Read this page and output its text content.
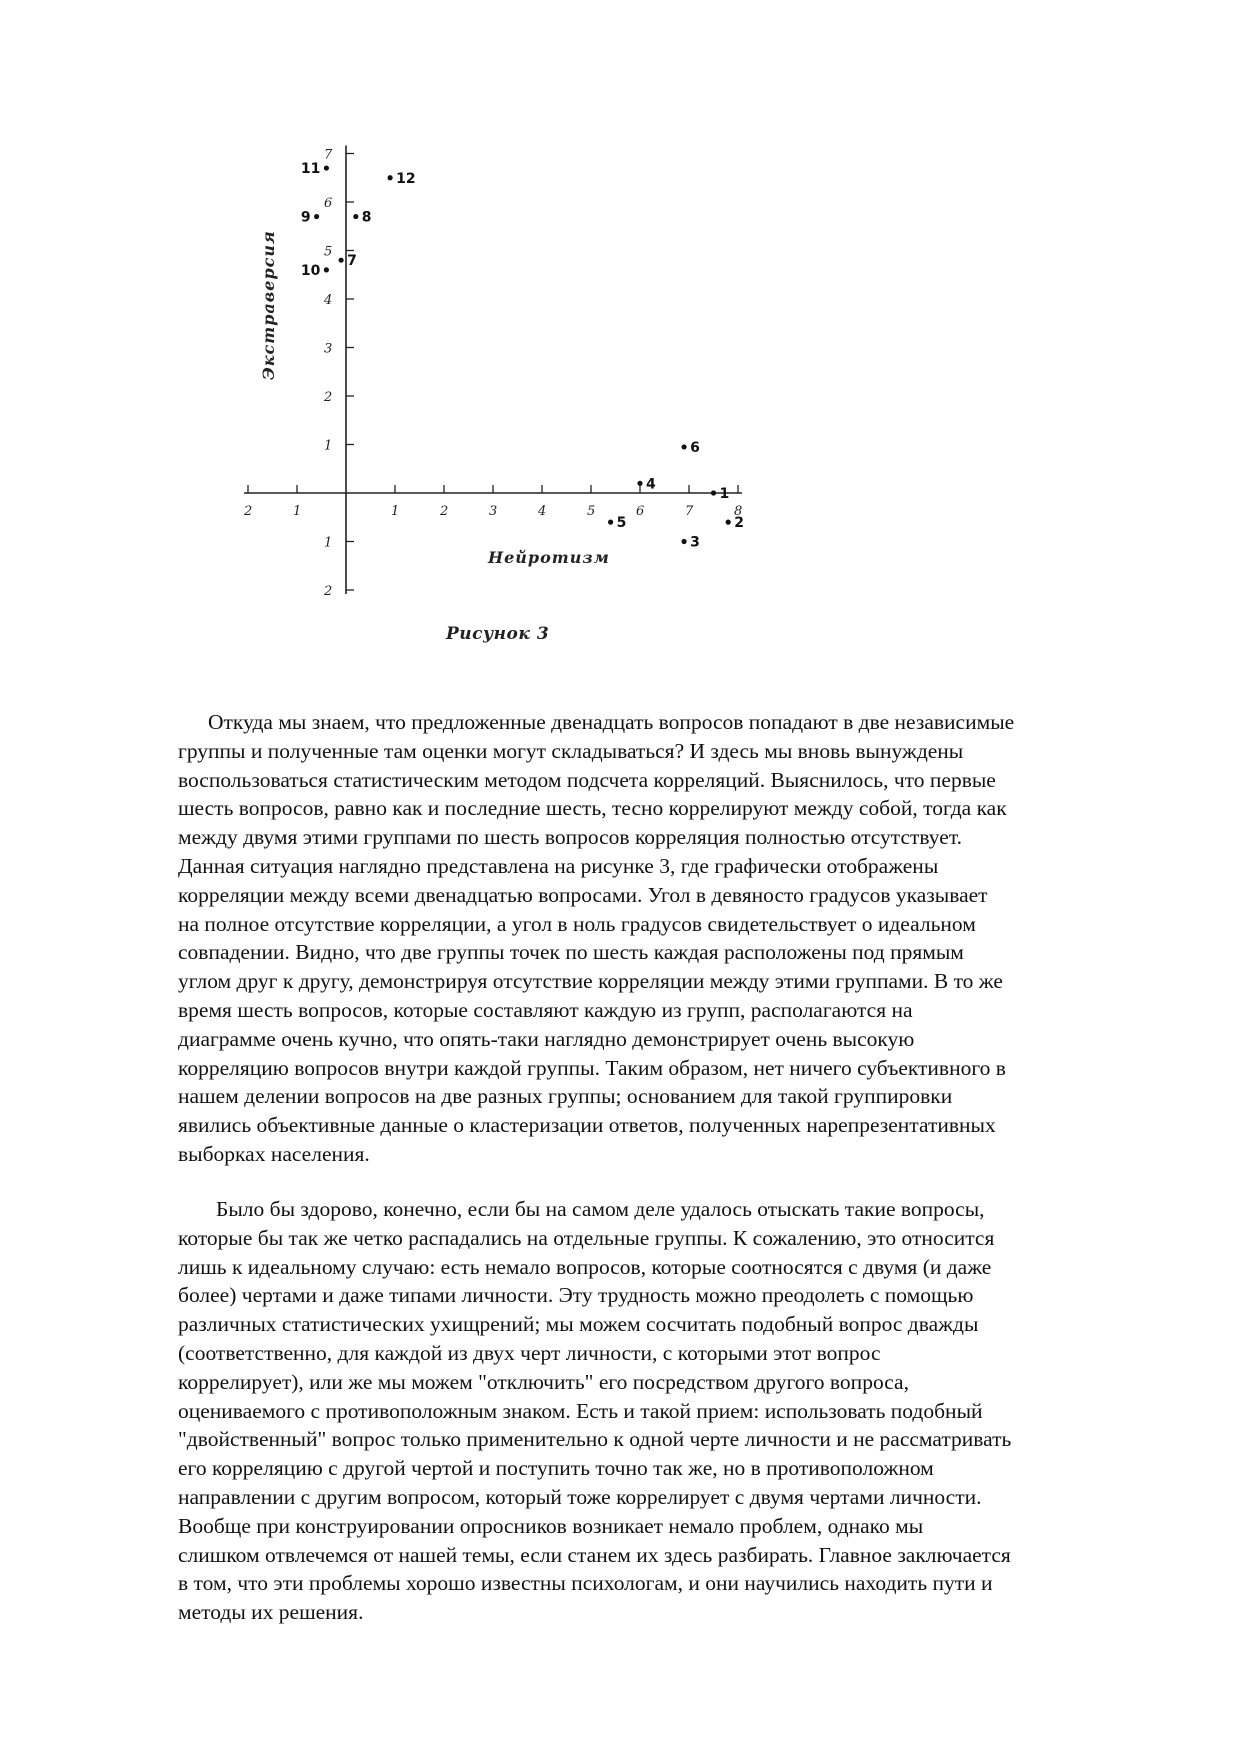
2	1	1	2	3	4	5	6	7	8
7
6
5
4
3
2
1
1
2
1
2
3
4
5
6
7
8
9
10
11
12
Нейротизм
Экстраверсия
Рисунок 3
Откуда мы знаем, что предложенные двенадцать вопросов попадают в две независимые
группы и полученные там оценки могут складываться? И здесь мы вновь вынуждены
воспользоваться статистическим методом подсчета корреляций. Выяснилось, что первые
шесть вопросов, равно как и последние шесть, тесно коррелируют между собой, тогда как
между двумя этими группами по шесть вопросов корреляция полностью отсутствует.
Данная ситуация наглядно представлена на рисунке 3, где графически отображены
корреляции между всеми двенадцатью вопросами. Угол в девяносто градусов указывает
на полное отсутствие корреляции, а угол в ноль градусов свидетельствует о идеальном
совпадении. Видно, что две группы точек по шесть каждая расположены под прямым
углом друг к другу, демонстрируя отсутствие корреляции между этими группами. В то же
время шесть вопросов, которые составляют каждую из групп, располагаются на
диаграмме очень кучно, что опять-таки наглядно демонстрирует очень высокую
корреляцию вопросов внутри каждой группы. Таким образом, нет ничего субъективного в
нашем делении вопросов на две разных группы; основанием для такой группировки
явились объективные данные о кластеризации ответов, полученных нарепрезентативных
выборках населения.
Было бы здорово, конечно, если бы на самом деле удалось отыскать такие вопросы,
которые бы так же четко распадались на отдельные группы. К сожалению, это относится
лишь к идеальному случаю: есть немало вопросов, которые соотносятся с двумя (и даже
более) чертами и даже типами личности. Эту трудность можно преодолеть с помощью
различных статистических ухищрений; мы можем сосчитать подобный вопрос дважды
(соответственно, для каждой из двух черт личности, с которыми этот вопрос
коррелирует), или же мы можем "отключить" его посредством другого вопроса,
оцениваемого с противоположным знаком. Есть и такой прием: использовать подобный
"двойственный" вопрос только применительно к одной черте личности и не рассматривать
его корреляцию с другой чертой и поступить точно так же, но в противоположном
направлении с другим вопросом, который тоже коррелирует с двумя чертами личности.
Вообще при конструировании опросников возникает немало проблем, однако мы
слишком отвлечемся от нашей темы, если станем их здесь разбирать. Главное заключается
в том, что эти проблемы хорошо известны психологам, и они научились находить пути и
методы их решения.
